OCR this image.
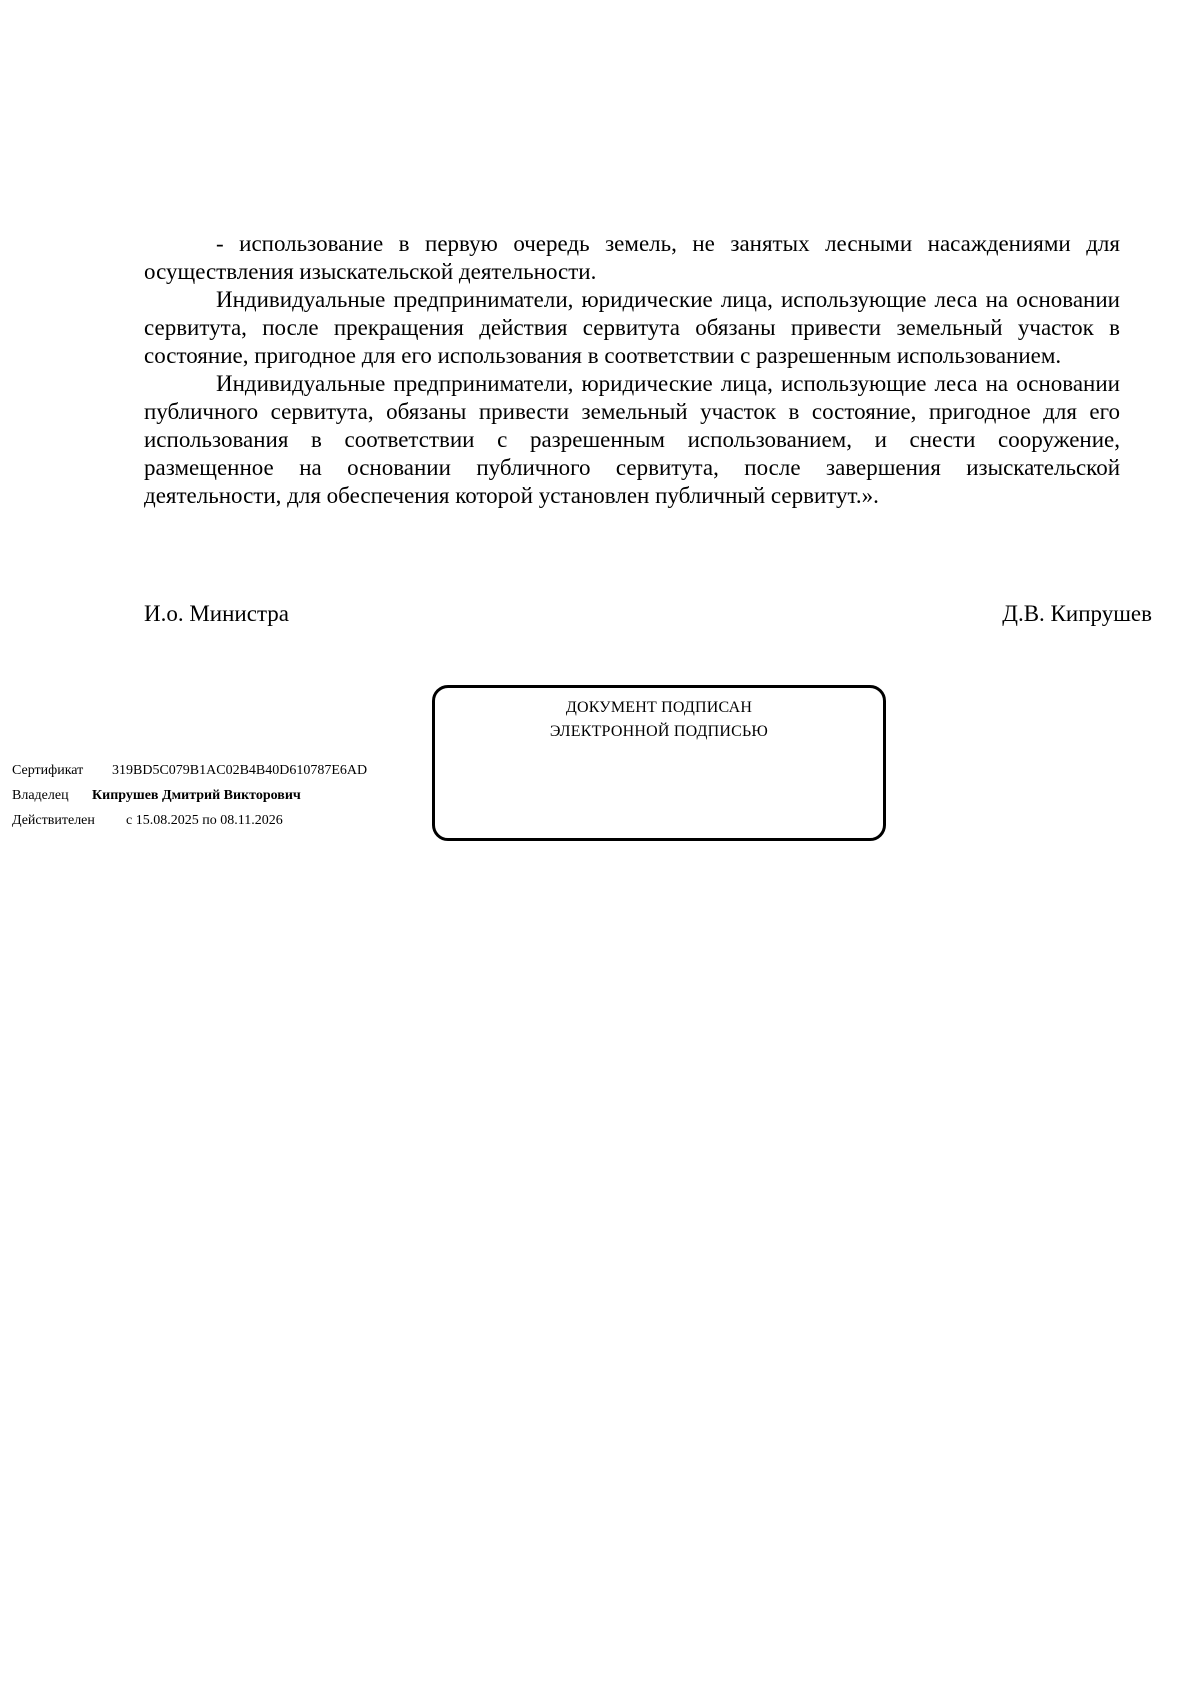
- использование в первую очередь земель, не занятых лесными насаждениями для осуществления изыскательской деятельности.

Индивидуальные предприниматели, юридические лица, использующие леса на основании сервитута, после прекращения действия сервитута обязаны привести земельный участок в состояние, пригодное для его использования в соответствии с разрешенным использованием.

Индивидуальные предприниматели, юридические лица, использующие леса на основании публичного сервитута, обязаны привести земельный участок в состояние, пригодное для его использования в соответствии с разрешенным использованием, и снести сооружение, размещенное на основании публичного сервитута, после завершения изыскательской деятельности, для обеспечения которой установлен публичный сервитут.».

И.о. Министра	Д.В. Кипрушев
ДОКУМЕНТ ПОДПИСАН
ЭЛЕКТРОННОЙ ПОДПИСЬЮ
Сертификат 319BD5C079B1AC02B4B40D610787E6AD
Владелец Кипрушев Дмитрий Викторович
Действителен с 15.08.2025 по 08.11.2026
